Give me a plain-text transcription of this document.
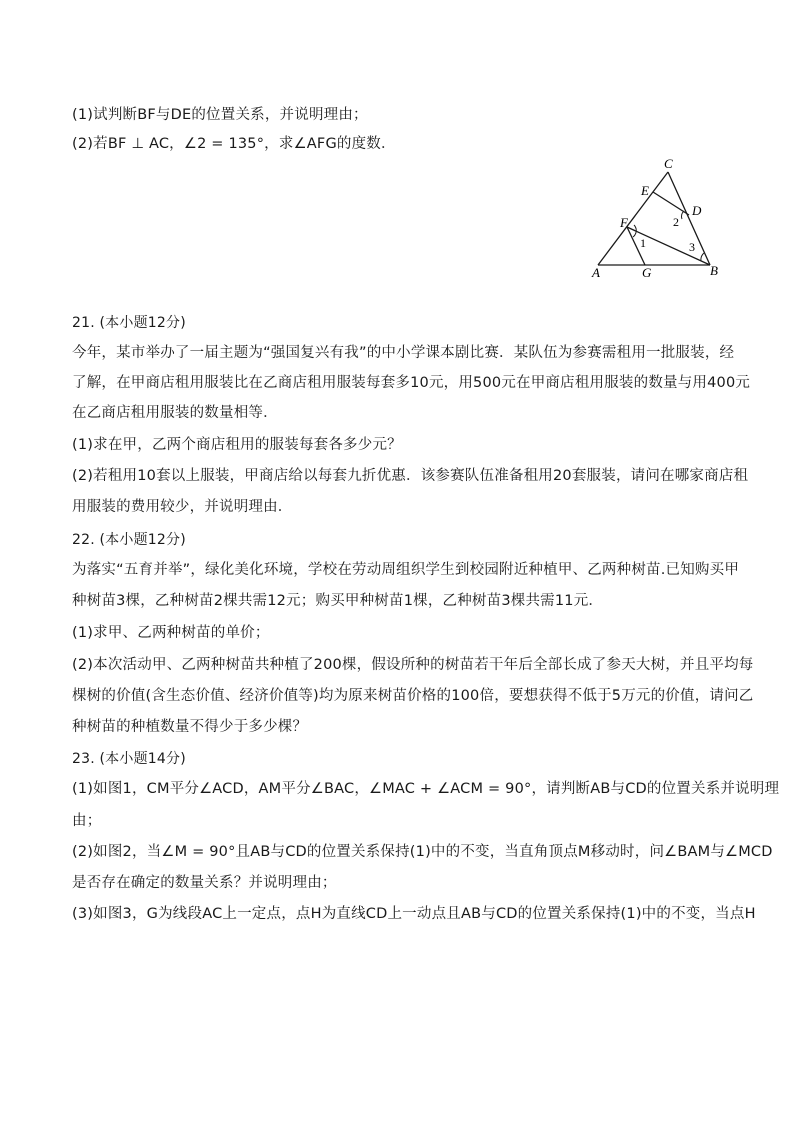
(1)试判断BF与DE的位置关系，并说明理由；
(2)若BF ⊥ AC，∠2 = 135°，求∠AFG的度数．
C
E
D
F
A	G	B
1
2
3
21. (本小题12分)
今年，某市举办了一届主题为“强国复兴有我”的中小学课本剧比赛．某队伍为参赛需租用一批服装，经
了解，在甲商店租用服装比在乙商店租用服装每套多10元，用500元在甲商店租用服装的数量与用400元
在乙商店租用服装的数量相等．
(1)求在甲，乙两个商店租用的服装每套各多少元？
(2)若租用10套以上服装，甲商店给以每套九折优惠．该参赛队伍准备租用20套服装，请问在哪家商店租
用服装的费用较少，并说明理由．
22. (本小题12分)
为落实“五育并举”，绿化美化环境，学校在劳动周组织学生到校园附近种植甲、乙两种树苗.已知购买甲
种树苗3棵，乙种树苗2棵共需12元；购买甲种树苗1棵，乙种树苗3棵共需11元．
(1)求甲、乙两种树苗的单价；
(2)本次活动甲、乙两种树苗共种植了200棵，假设所种的树苗若干年后全部长成了参天大树，并且平均每
棵树的价值(含生态价值、经济价值等)均为原来树苗价格的100倍，要想获得不低于5万元的价值，请问乙
种树苗的种植数量不得少于多少棵？
23. (本小题14分)
(1)如图1，CM平分∠ACD，AM平分∠BAC，∠MAC + ∠ACM = 90°，请判断AB与CD的位置关系并说明理
由；
(2)如图2，当∠M = 90°且AB与CD的位置关系保持(1)中的不变，当直角顶点M移动时，问∠BAM与∠MCD
是否存在确定的数量关系？并说明理由；
(3)如图3，G为线段AC上一定点，点H为直线CD上一动点且AB与CD的位置关系保持(1)中的不变，当点H
